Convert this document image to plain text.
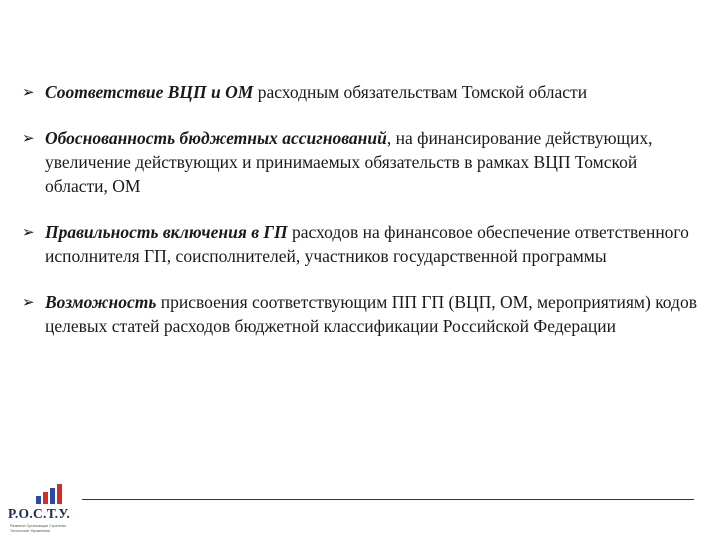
➢ Соответствие ВЦП и ОМ расходным обязательствам Томской области
➢ Обоснованность бюджетных ассигнований, на финансирование действующих, увеличение действующих и принимаемых обязательств в рамках ВЦП Томской области, ОМ
➢ Правильность включения в ГП расходов на финансовое обеспечение ответственного исполнителя ГП, соисполнителей, участников государственной программы
➢ Возможность присвоения соответствующим ПП ГП (ВЦП, ОМ, мероприятиям) кодов целевых статей расходов бюджетной классификации Российской Федерации
Р.О.С.Т.У.
Развитие Организации Стратегии Технологии Управления
